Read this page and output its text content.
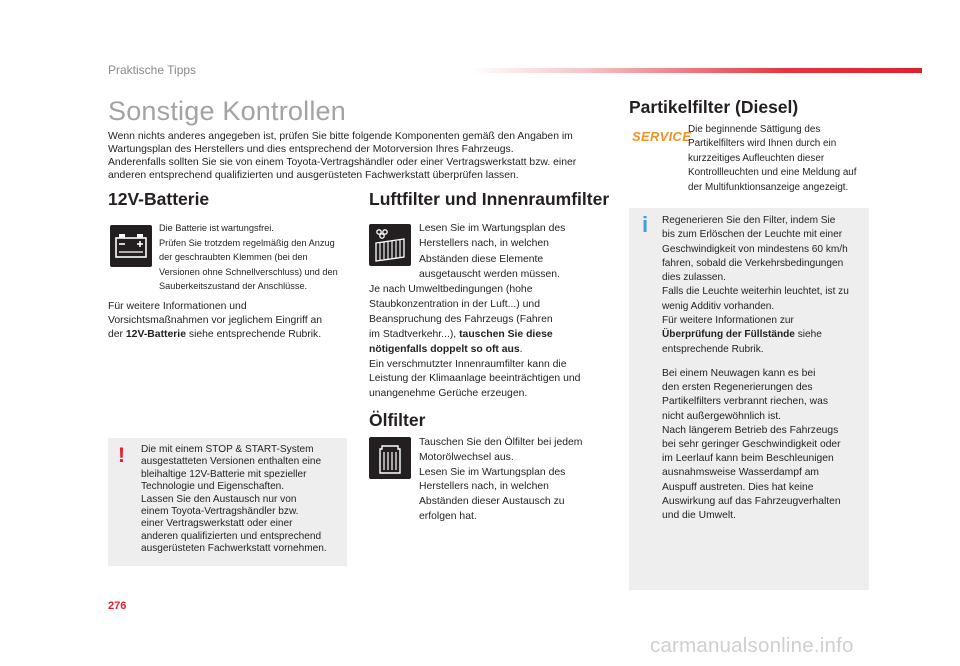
Praktische Tipps
Sonstige Kontrollen
Wenn nichts anderes angegeben ist, prüfen Sie bitte folgende Komponenten gemäß den Angaben im
Wartungsplan des Herstellers und dies entsprechend der Motorversion Ihres Fahrzeugs.
Anderenfalls sollten Sie sie von einem Toyota-Vertragshändler oder einer Vertragswerkstatt bzw. einer
anderen entsprechend qualifizierten und ausgerüsteten Fachwerkstatt überprüfen lassen.
12V-Batterie
Die Batterie ist wartungsfrei.
Prüfen Sie trotzdem regelmäßig den Anzug
der geschraubten Klemmen (bei den
Versionen ohne Schnellverschluss) und den
Sauberkeitszustand der Anschlüsse.
Für weitere Informationen und
Vorsichtsmaßnahmen vor jeglichem Eingriff an
der 12V-Batterie siehe entsprechende Rubrik.
! Die mit einem STOP & START-System
ausgestatteten Versionen enthalten eine
bleihaltige 12V-Batterie mit spezieller
Technologie und Eigenschaften.
Lassen Sie den Austausch nur von
einem Toyota-Vertragshändler bzw.
einer Vertragswerkstatt oder einer
anderen qualifizierten und entsprechend
ausgerüsteten Fachwerkstatt vornehmen.
Luftfilter und Innenraumfilter
Lesen Sie im Wartungsplan des
Herstellers nach, in welchen
Abständen diese Elemente
ausgetauscht werden müssen.
Je nach Umweltbedingungen (hohe
Staubkonzentration in der Luft...) und
Beanspruchung des Fahrzeugs (Fahren
im Stadtverkehr...), tauschen Sie diese
nötigenfalls doppelt so oft aus.
Ein verschmutzter Innenraumfilter kann die
Leistung der Klimaanlage beeinträchtigen und
unangenehme Gerüche erzeugen.
Ölfilter
Tauschen Sie den Ölfilter bei jedem
Motorölwechsel aus.
Lesen Sie im Wartungsplan des
Herstellers nach, in welchen
Abständen dieser Austausch zu
erfolgen hat.
Partikelfilter (Diesel)
SERVICE
Die beginnende Sättigung des
Partikelfilters wird Ihnen durch ein
kurzzeitiges Aufleuchten dieser
Kontrollleuchten und eine Meldung auf
der Multifunktionsanzeige angezeigt.
i Regenerieren Sie den Filter, indem Sie
bis zum Erlöschen der Leuchte mit einer
Geschwindigkeit von mindestens 60 km/h
fahren, sobald die Verkehrsbedingungen
dies zulassen.
Falls die Leuchte weiterhin leuchtet, ist zu
wenig Additiv vorhanden.
Für weitere Informationen zur
Überprüfung der Füllstände siehe
entsprechende Rubrik.
Bei einem Neuwagen kann es bei
den ersten Regenerierungen des
Partikelfilters verbrannt riechen, was
nicht außergewöhnlich ist.
Nach längerem Betrieb des Fahrzeugs
bei sehr geringer Geschwindigkeit oder
im Leerlauf kann beim Beschleunigen
ausnahmsweise Wasserdampf am
Auspuff austreten. Dies hat keine
Auswirkung auf das Fahrzeugverhalten
und die Umwelt.
276
carmanualsonline.info
